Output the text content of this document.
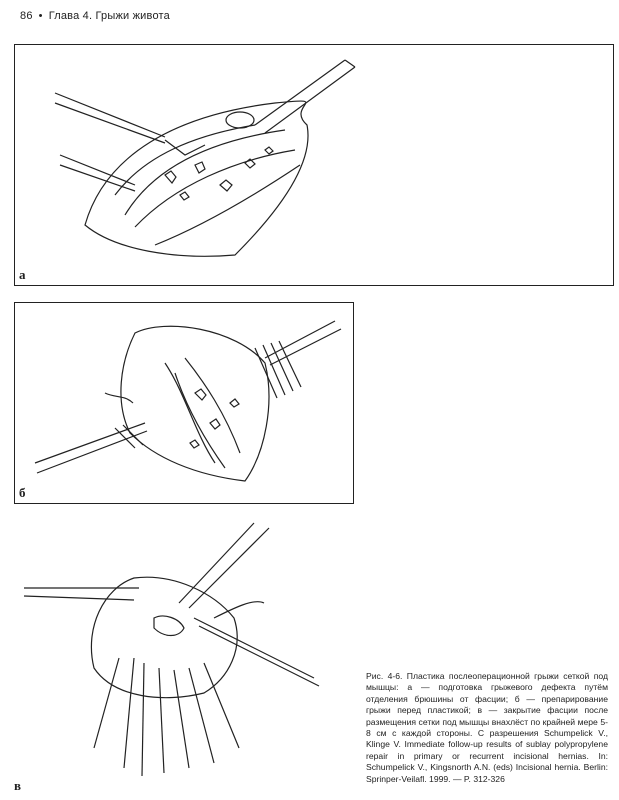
86 • Глава 4. Грыжи живота
а
б
в

Рис. 4-6. Пластика послеоперационной грыжи сеткой под мышцы: а — подготовка грыжевого дефекта путём отделения брюшины от фасции; б — препарирование грыжи перед пластикой; в — закрытие фасции после размещения сетки под мышцы внахлёст по крайней мере 5-8 см с каждой стороны. С разрешения Schumpelick V., Klinge V. Immediate follow-up results of sublay polypropylene repair in primary or recurrent incisional hernias. In: Schumpelick V., Kingsnorth A.N. (eds) Incisional hernia. Berlin: Sprinper-Veilafl. 1999. — P. 312-326
